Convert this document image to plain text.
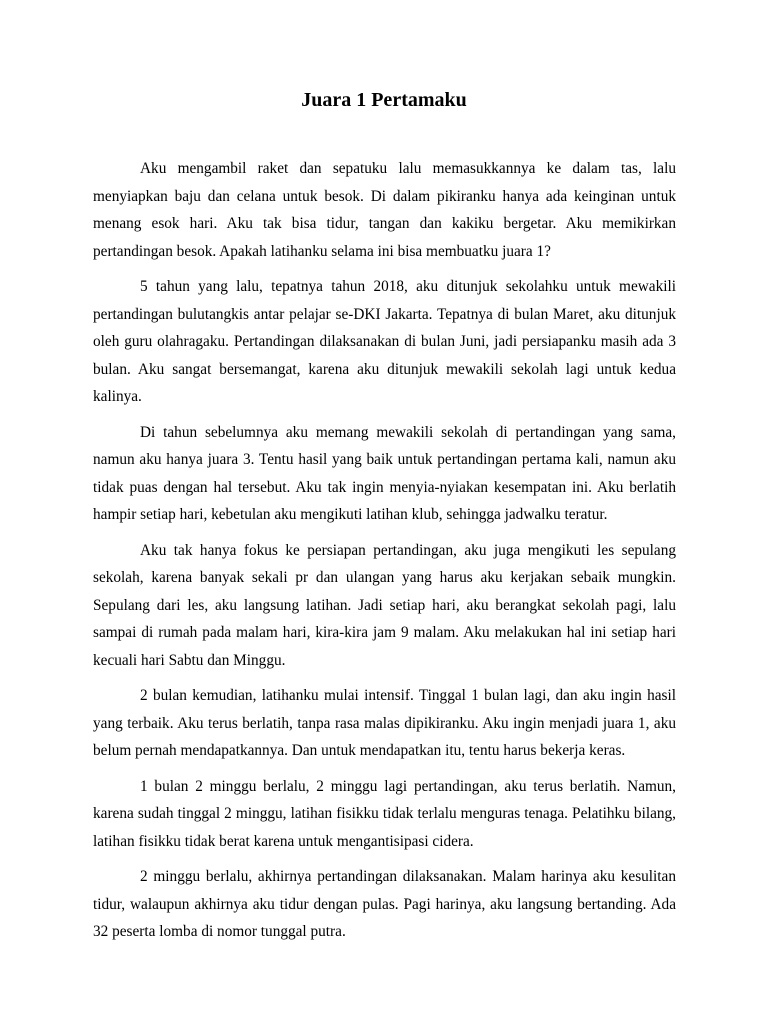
Juara 1 Pertamaku

Aku mengambil raket dan sepatuku lalu memasukkannya ke dalam tas, lalu menyiapkan baju dan celana untuk besok. Di dalam pikiranku hanya ada keinginan untuk menang esok hari. Aku tak bisa tidur, tangan dan kakiku bergetar. Aku memikirkan pertandingan besok. Apakah latihanku selama ini bisa membuatku juara 1?

5 tahun yang lalu, tepatnya tahun 2018, aku ditunjuk sekolahku untuk mewakili pertandingan bulutangkis antar pelajar se-DKI Jakarta. Tepatnya di bulan Maret, aku ditunjuk oleh guru olahragaku. Pertandingan dilaksanakan di bulan Juni, jadi persiapanku masih ada 3 bulan. Aku sangat bersemangat, karena aku ditunjuk mewakili sekolah lagi untuk kedua kalinya.

Di tahun sebelumnya aku memang mewakili sekolah di pertandingan yang sama, namun aku hanya juara 3. Tentu hasil yang baik untuk pertandingan pertama kali, namun aku tidak puas dengan hal tersebut. Aku tak ingin menyia-nyiakan kesempatan ini. Aku berlatih hampir setiap hari, kebetulan aku mengikuti latihan klub, sehingga jadwalku teratur.

Aku tak hanya fokus ke persiapan pertandingan, aku juga mengikuti les sepulang sekolah, karena banyak sekali pr dan ulangan yang harus aku kerjakan sebaik mungkin. Sepulang dari les, aku langsung latihan. Jadi setiap hari, aku berangkat sekolah pagi, lalu sampai di rumah pada malam hari, kira-kira jam 9 malam. Aku melakukan hal ini setiap hari kecuali hari Sabtu dan Minggu.

2 bulan kemudian, latihanku mulai intensif. Tinggal 1 bulan lagi, dan aku ingin hasil yang terbaik. Aku terus berlatih, tanpa rasa malas dipikiranku. Aku ingin menjadi juara 1, aku belum pernah mendapatkannya. Dan untuk mendapatkan itu, tentu harus bekerja keras.

1 bulan 2 minggu berlalu, 2 minggu lagi pertandingan, aku terus berlatih. Namun, karena sudah tinggal 2 minggu, latihan fisikku tidak terlalu menguras tenaga. Pelatihku bilang, latihan fisikku tidak berat karena untuk mengantisipasi cidera.

2 minggu berlalu, akhirnya pertandingan dilaksanakan. Malam harinya aku kesulitan tidur, walaupun akhirnya aku tidur dengan pulas. Pagi harinya, aku langsung bertanding. Ada 32 peserta lomba di nomor tunggal putra.
